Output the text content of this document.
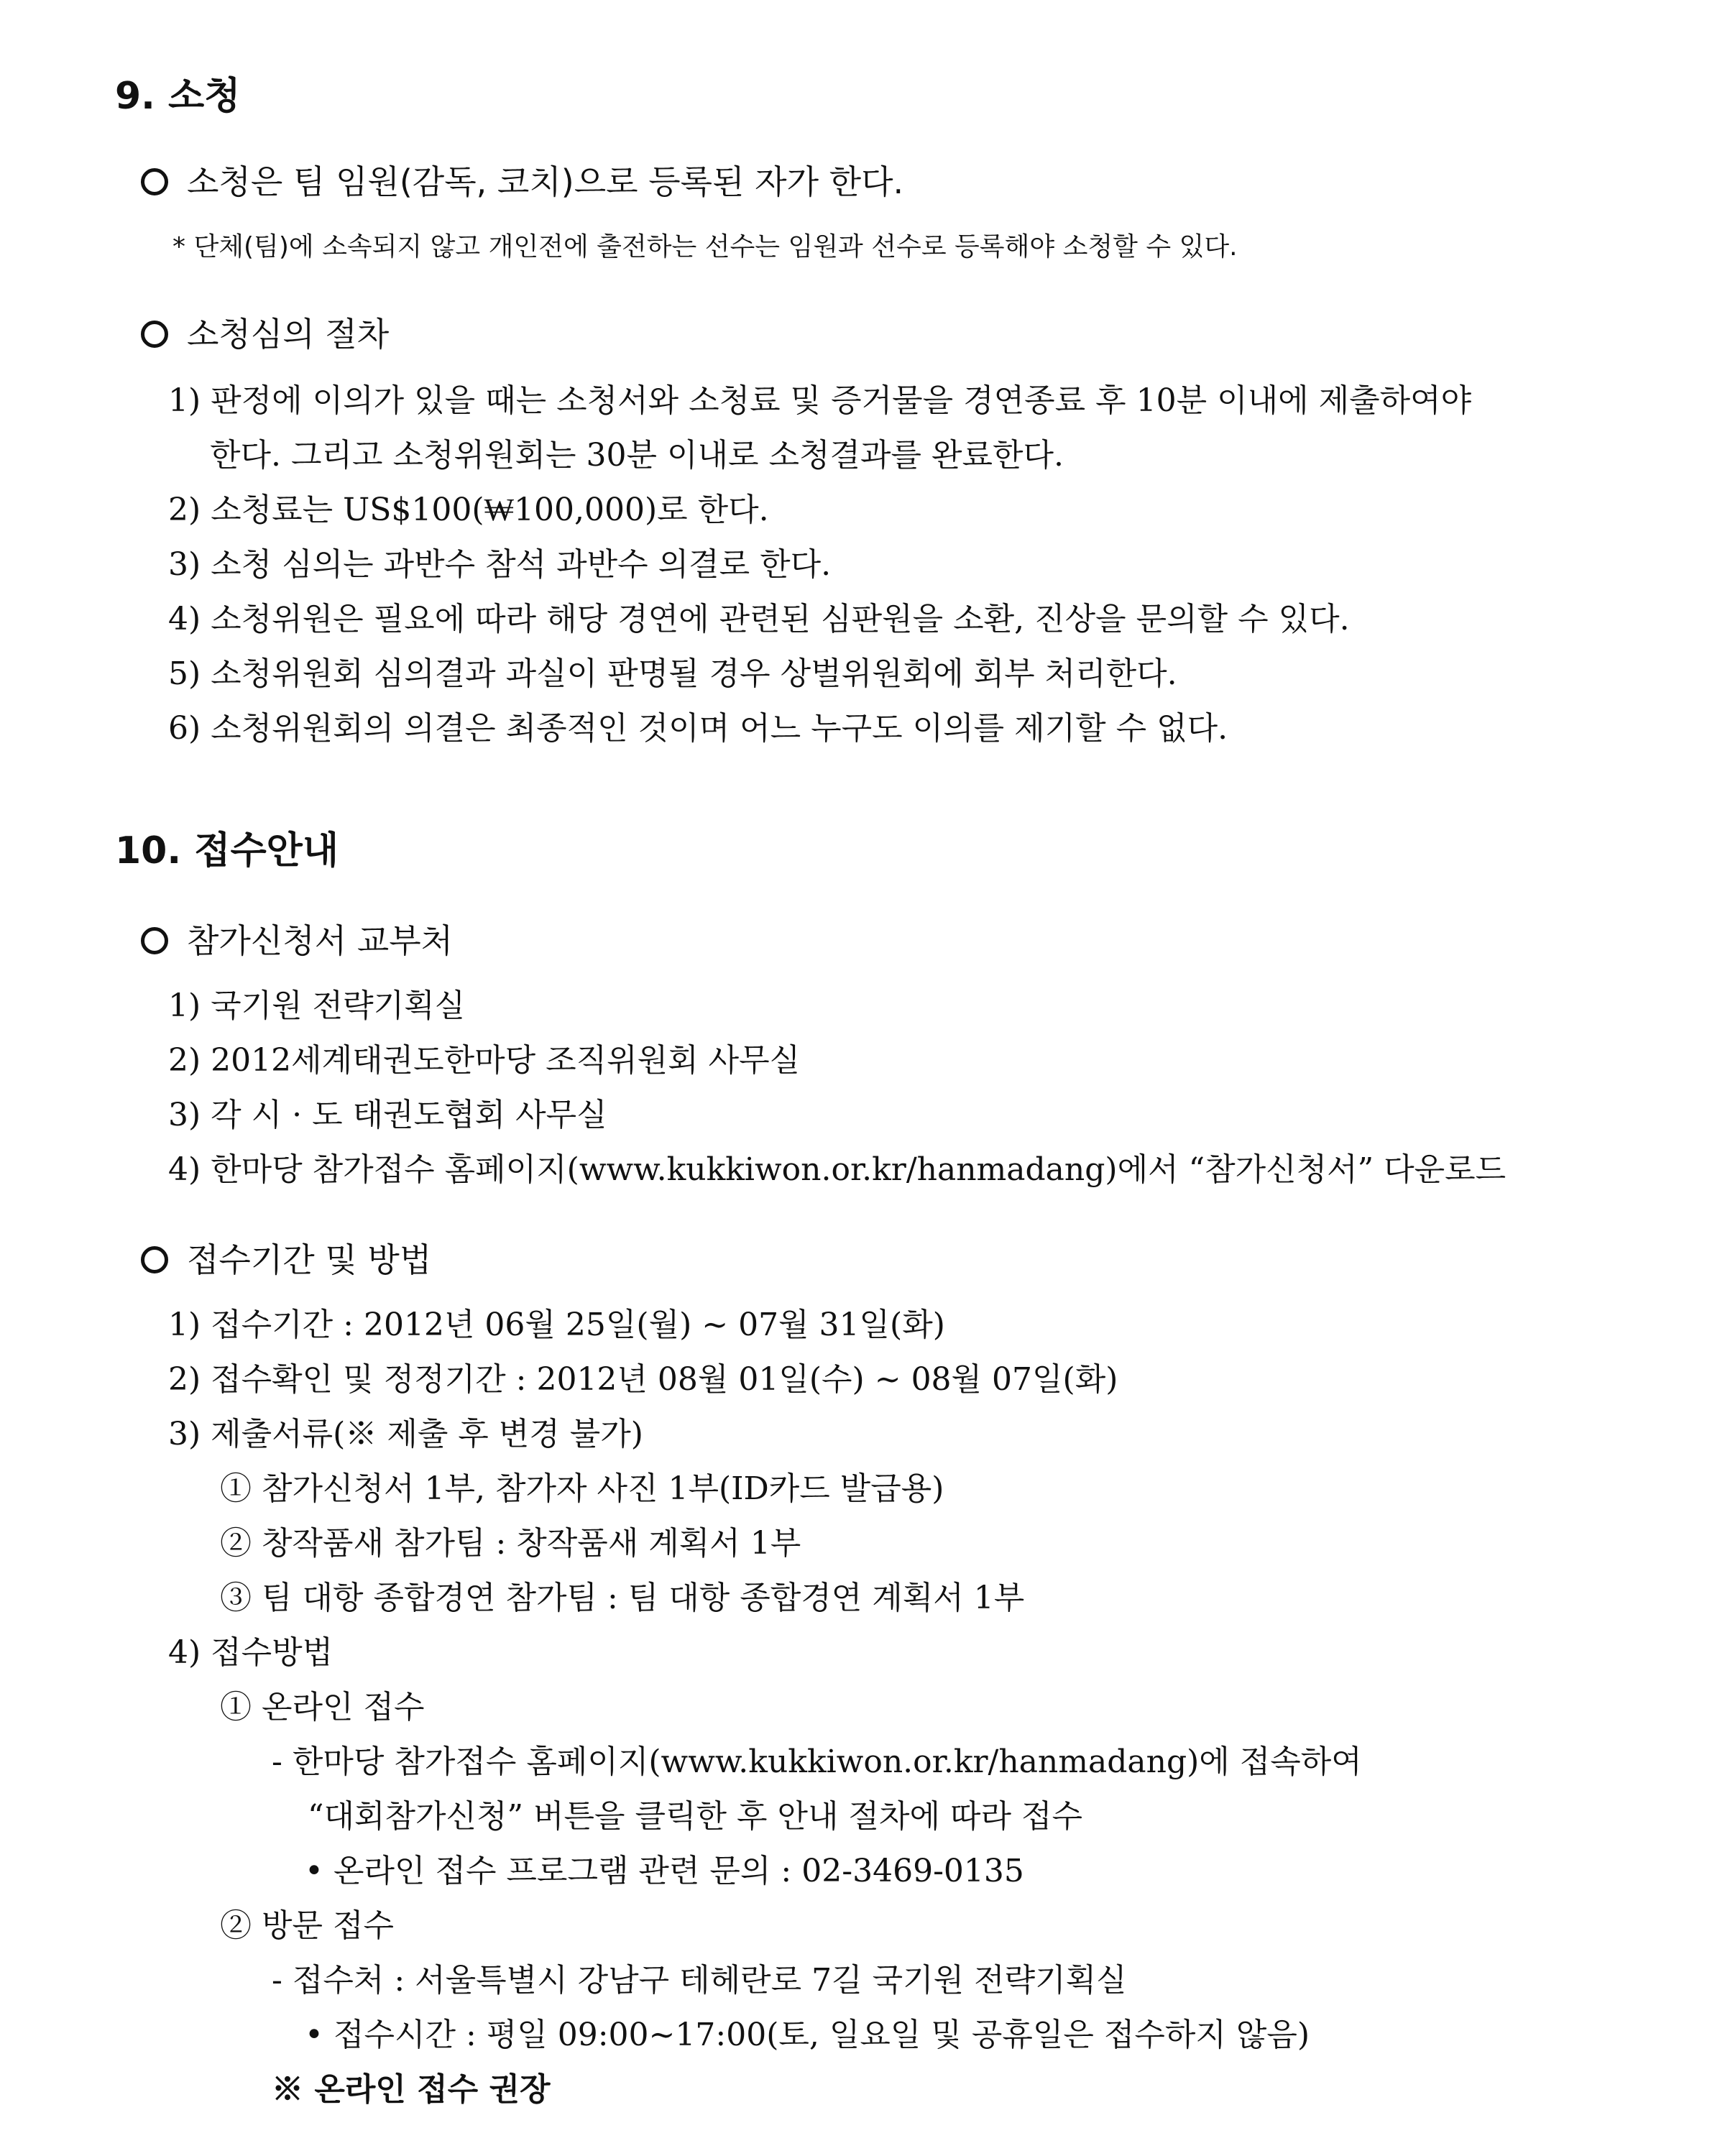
9. 소청
소청은 팀 임원(감독, 코치)으로 등록된 자가 한다.
* 단체(팀)에 소속되지 않고 개인전에 출전하는 선수는 임원과 선수로 등록해야 소청할 수 있다.
소청심의 절차
1) 판정에 이의가 있을 때는 소청서와 소청료 및 증거물을 경연종료 후 10분 이내에 제출하여야
한다. 그리고 소청위원회는 30분 이내로 소청결과를 완료한다.
2) 소청료는 US$100(₩100,000)로 한다.
3) 소청 심의는 과반수 참석 과반수 의결로 한다.
4) 소청위원은 필요에 따라 해당 경연에 관련된 심판원을 소환, 진상을 문의할 수 있다.
5) 소청위원회 심의결과 과실이 판명될 경우 상벌위원회에 회부 처리한다.
6) 소청위원회의 의결은 최종적인 것이며 어느 누구도 이의를 제기할 수 없다.
10. 접수안내
참가신청서 교부처
1) 국기원 전략기획실
2) 2012세계태권도한마당 조직위원회 사무실
3) 각 시 · 도 태권도협회 사무실
4) 한마당 참가접수 홈페이지(www.kukkiwon.or.kr/hanmadang)에서 “참가신청서” 다운로드
접수기간 및 방법
1) 접수기간 : 2012년 06월 25일(월) ~ 07월 31일(화)
2) 접수확인 및 정정기간 : 2012년 08월 01일(수) ~ 08월 07일(화)
3) 제출서류(※ 제출 후 변경 불가)
① 참가신청서 1부, 참가자 사진 1부(ID카드 발급용)
② 창작품새 참가팀 : 창작품새 계획서 1부
③ 팀 대항 종합경연 참가팀 : 팀 대항 종합경연 계획서 1부
4) 접수방법
① 온라인 접수
- 한마당 참가접수 홈페이지(www.kukkiwon.or.kr/hanmadang)에 접속하여
“대회참가신청” 버튼을 클릭한 후 안내 절차에 따라 접수
• 온라인 접수 프로그램 관련 문의 : 02-3469-0135
② 방문 접수
- 접수처 : 서울특별시 강남구 테헤란로 7길 국기원 전략기획실
• 접수시간 : 평일 09:00~17:00(토, 일요일 및 공휴일은 접수하지 않음)
※ 온라인 접수 권장
